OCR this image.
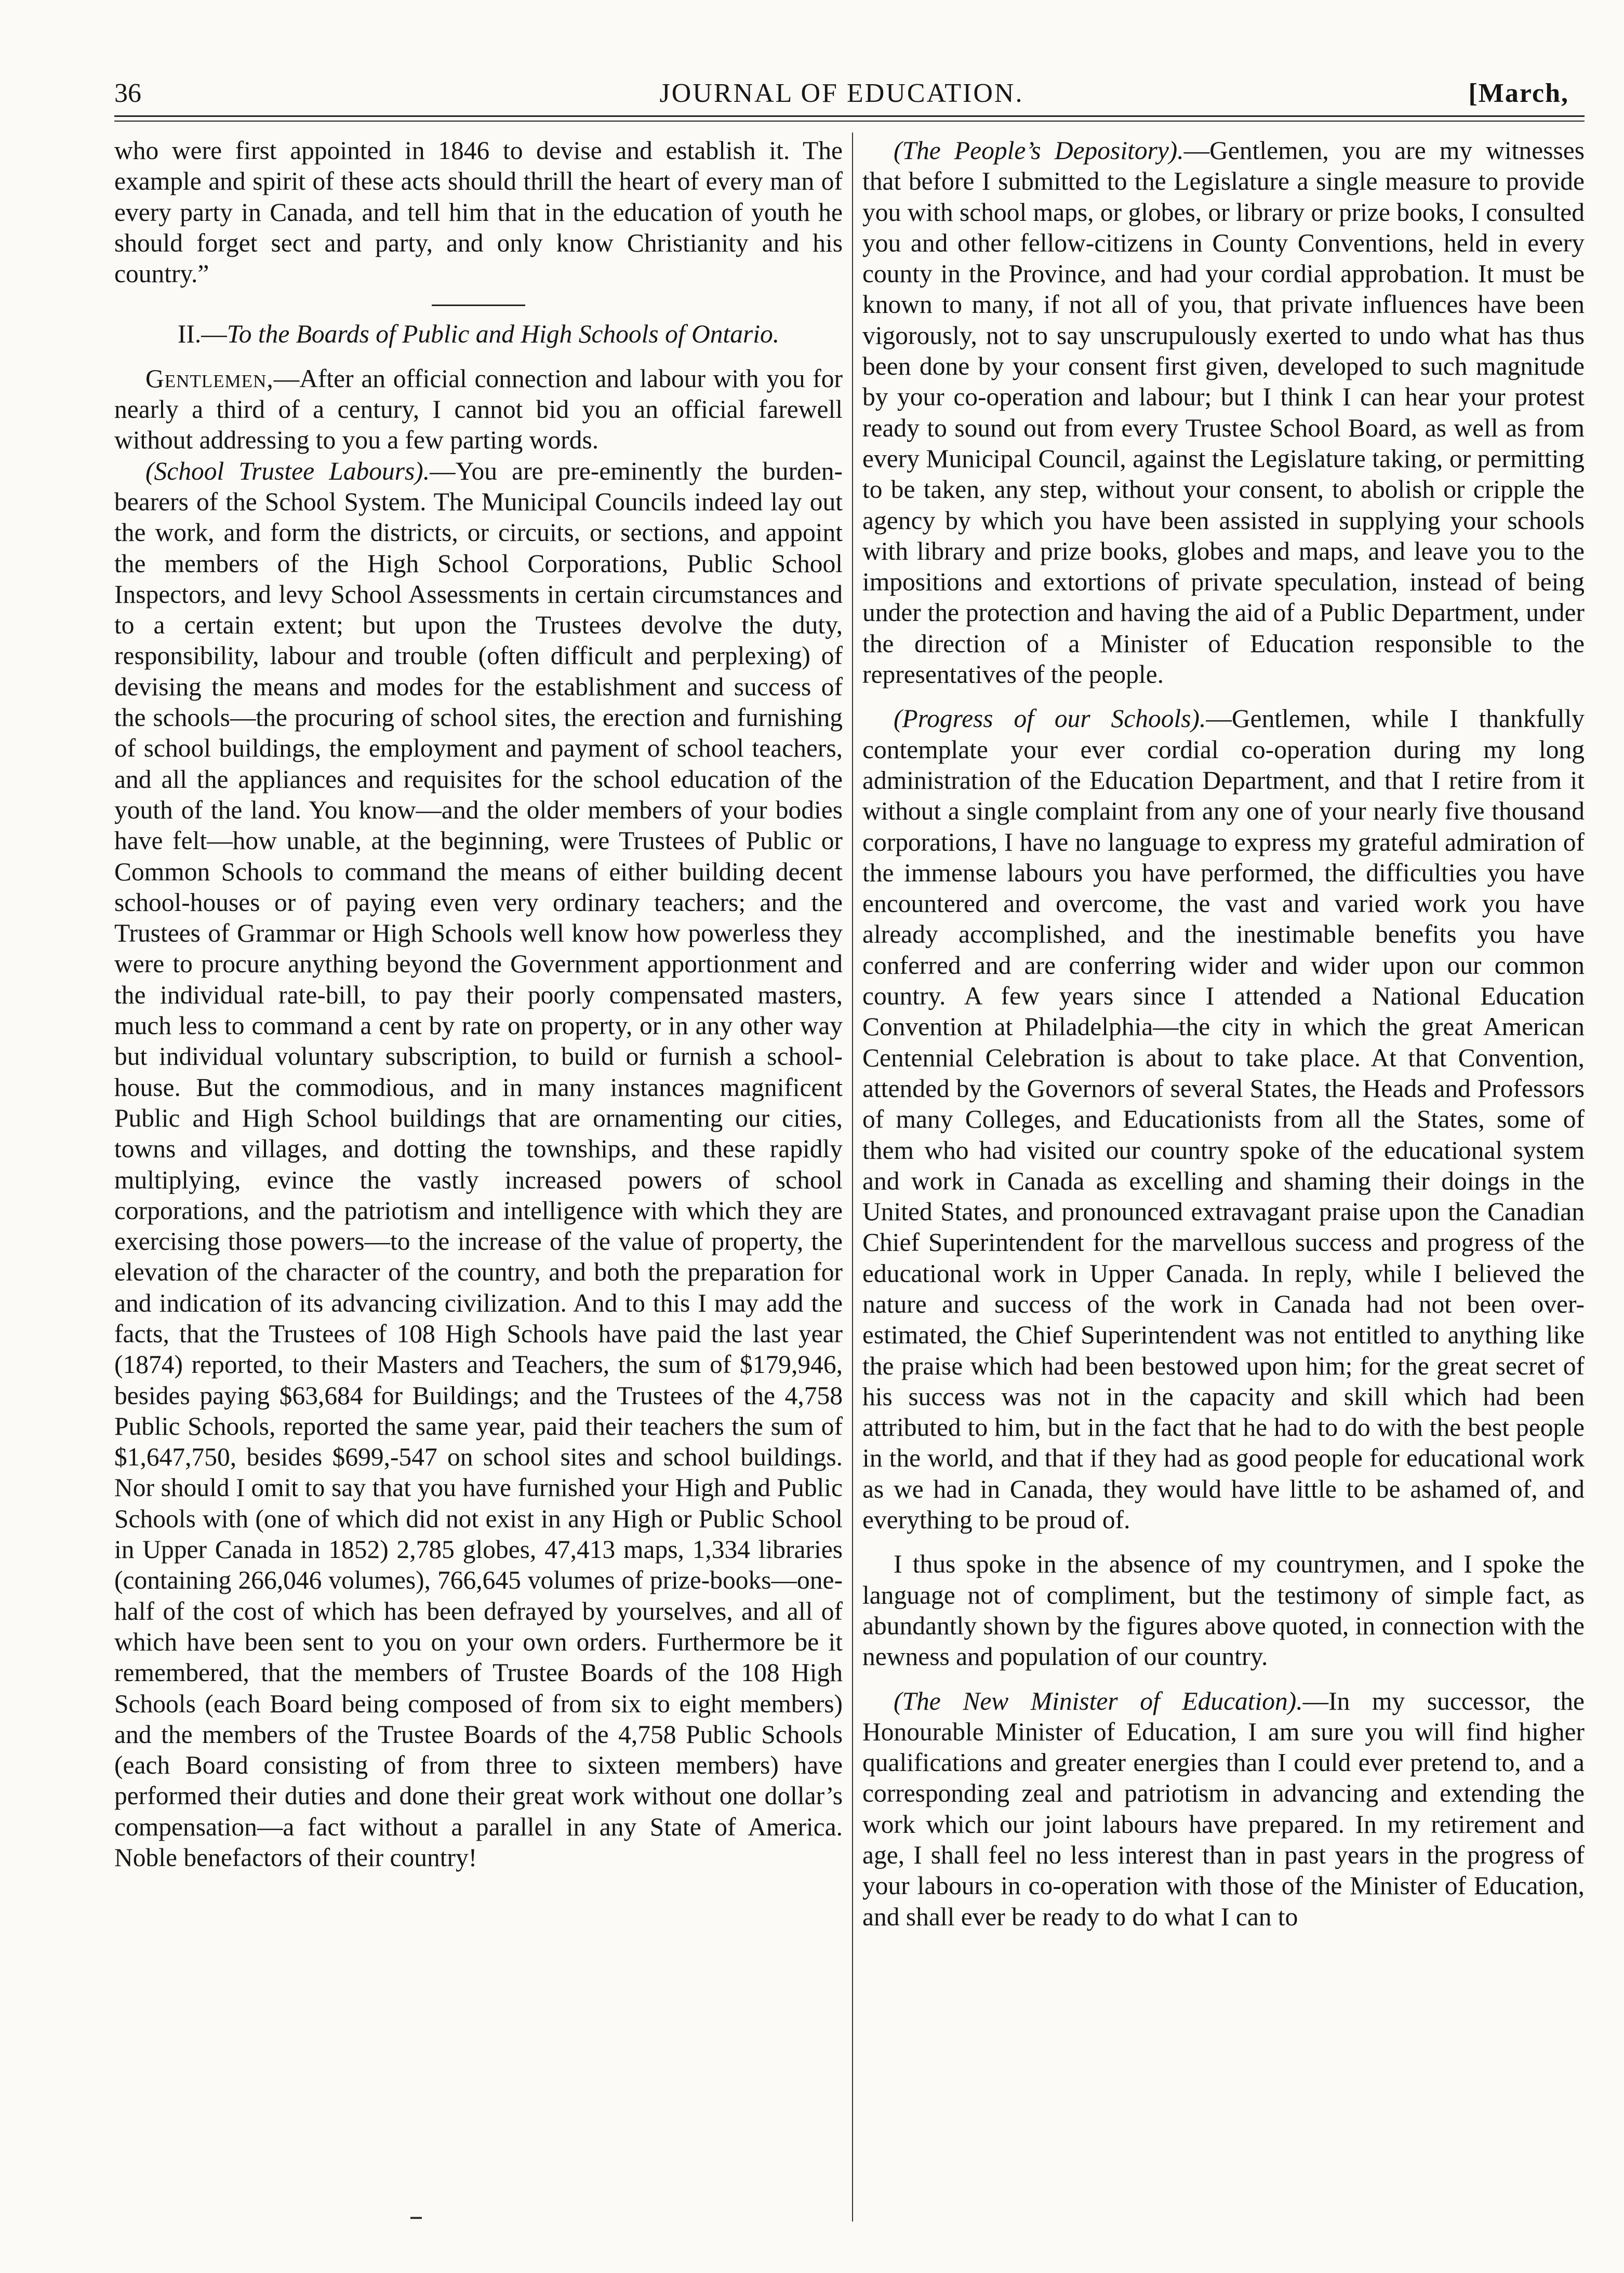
36	JOURNAL OF EDUCATION.	[March,

who were first appointed in 1846 to devise and establish it. The example and spirit of these acts should thrill the heart of every man of every party in Canada, and tell him that in the education of youth he should forget sect and party, and only know Christianity and his country.”

II.—To the Boards of Public and High Schools of Ontario.

Gentlemen,—After an official connection and labour with you for nearly a third of a century, I cannot bid you an official farewell without addressing to you a few parting words.

(School Trustee Labours).—You are pre-eminently the burden-bearers of the School System. The Municipal Councils indeed lay out the work, and form the districts, or circuits, or sections, and appoint the members of the High School Corporations, Public School Inspectors, and levy School Assessments in certain circumstances and to a certain extent; but upon the Trustees devolve the duty, responsibility, labour and trouble (often difficult and perplexing) of devising the means and modes for the establishment and success of the schools—the procuring of school sites, the erection and furnishing of school buildings, the employment and payment of school teachers, and all the appliances and requisites for the school education of the youth of the land. You know—and the older members of your bodies have felt—how unable, at the beginning, were Trustees of Public or Common Schools to command the means of either building decent school-houses or of paying even very ordinary teachers; and the Trustees of Grammar or High Schools well know how powerless they were to procure anything beyond the Government apportionment and the individual rate-bill, to pay their poorly compensated masters, much less to command a cent by rate on property, or in any other way but individual voluntary subscription, to build or furnish a school-house. But the commodious, and in many instances magnificent Public and High School buildings that are ornamenting our cities, towns and villages, and dotting the townships, and these rapidly multiplying, evince the vastly increased powers of school corporations, and the patriotism and intelligence with which they are exercising those powers—to the increase of the value of property, the elevation of the character of the country, and both the preparation for and indication of its advancing civilization. And to this I may add the facts, that the Trustees of 108 High Schools have paid the last year (1874) reported, to their Masters and Teachers, the sum of $179,946, besides paying $63,684 for Buildings; and the Trustees of the 4,758 Public Schools, reported the same year, paid their teachers the sum of $1,647,750, besides $699,-547 on school sites and school buildings. Nor should I omit to say that you have furnished your High and Public Schools with (one of which did not exist in any High or Public School in Upper Canada in 1852) 2,785 globes, 47,413 maps, 1,334 libraries (containing 266,046 volumes), 766,645 volumes of prize-books—one-half of the cost of which has been defrayed by yourselves, and all of which have been sent to you on your own orders. Furthermore be it remembered, that the members of Trustee Boards of the 108 High Schools (each Board being composed of from six to eight members) and the members of the Trustee Boards of the 4,758 Public Schools (each Board consisting of from three to sixteen members) have performed their duties and done their great work without one dollar’s compensation—a fact without a parallel in any State of America. Noble benefactors of their country!

(The People’s Depository).—Gentlemen, you are my witnesses that before I submitted to the Legislature a single measure to provide you with school maps, or globes, or library or prize books, I consulted you and other fellow-citizens in County Conventions, held in every county in the Province, and had your cordial approbation. It must be known to many, if not all of you, that private influences have been vigorously, not to say unscrupulously exerted to undo what has thus been done by your consent first given, developed to such magnitude by your co-operation and labour; but I think I can hear your protest ready to sound out from every Trustee School Board, as well as from every Municipal Council, against the Legislature taking, or permitting to be taken, any step, without your consent, to abolish or cripple the agency by which you have been assisted in supplying your schools with library and prize books, globes and maps, and leave you to the impositions and extortions of private speculation, instead of being under the protection and having the aid of a Public Department, under the direction of a Minister of Education responsible to the representatives of the people.

(Progress of our Schools).—Gentlemen, while I thankfully contemplate your ever cordial co-operation during my long administration of the Education Department, and that I retire from it without a single complaint from any one of your nearly five thousand corporations, I have no language to express my grateful admiration of the immense labours you have performed, the difficulties you have encountered and overcome, the vast and varied work you have already accomplished, and the inestimable benefits you have conferred and are conferring wider and wider upon our common country. A few years since I attended a National Education Convention at Philadelphia—the city in which the great American Centennial Celebration is about to take place. At that Convention, attended by the Governors of several States, the Heads and Professors of many Colleges, and Educationists from all the States, some of them who had visited our country spoke of the educational system and work in Canada as excelling and shaming their doings in the United States, and pronounced extravagant praise upon the Canadian Chief Superintendent for the marvellous success and progress of the educational work in Upper Canada. In reply, while I believed the nature and success of the work in Canada had not been over-estimated, the Chief Superintendent was not entitled to anything like the praise which had been bestowed upon him; for the great secret of his success was not in the capacity and skill which had been attributed to him, but in the fact that he had to do with the best people in the world, and that if they had as good people for educational work as we had in Canada, they would have little to be ashamed of, and everything to be proud of.

I thus spoke in the absence of my countrymen, and I spoke the language not of compliment, but the testimony of simple fact, as abundantly shown by the figures above quoted, in connection with the newness and population of our country.

(The New Minister of Education).—In my successor, the Honourable Minister of Education, I am sure you will find higher qualifications and greater energies than I could ever pretend to, and a corresponding zeal and patriotism in advancing and extending the work which our joint labours have prepared. In my retirement and age, I shall feel no less interest than in past years in the progress of your labours in co-operation with those of the Minister of Education, and shall ever be ready to do what I can to
